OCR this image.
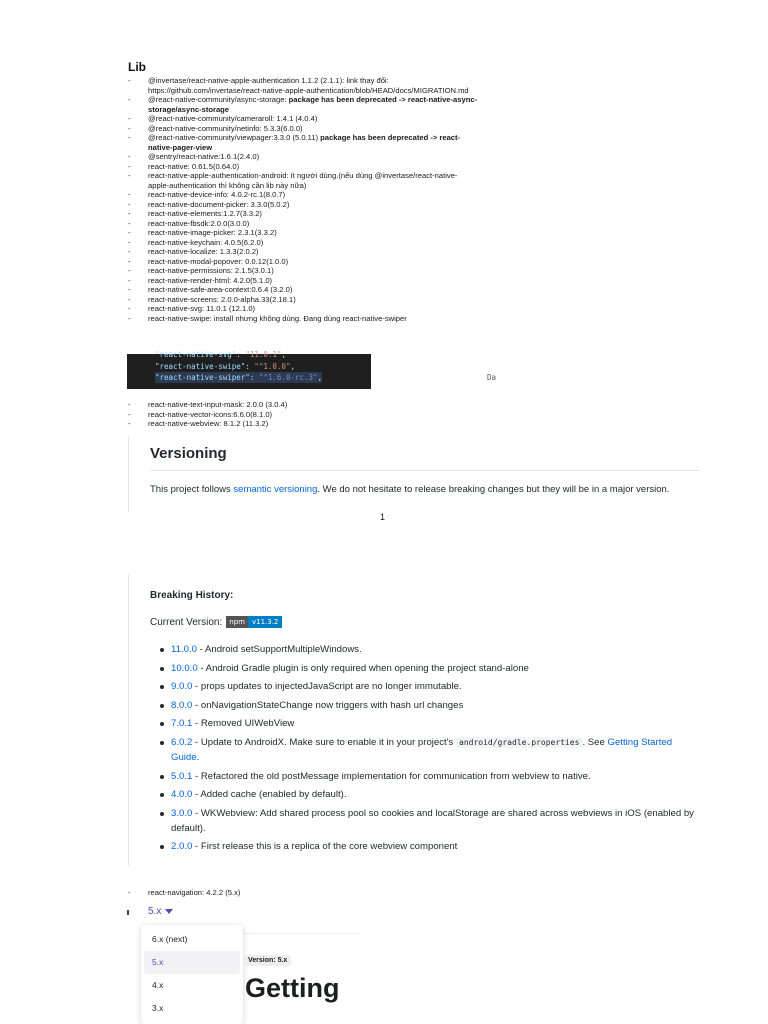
Lib
- @invertase/react-native-apple-authentication 1.1.2 (2.1.1): link thay đổi: https://github.com/invertase/react-native-apple-authentication/blob/HEAD/docs/MIGRATION.md
- @react-native-community/async-storage: package has been deprecated -> react-native-async-storage/async-storage
- @react-native-community/cameraroll: 1.4.1 (4.0.4)
- @react-native-community/netinfo: 5.3.3(6.0.0)
- @react-native-community/viewpager:3.3.0 (5.0.11) package has been deprecated -> react-native-pager-view
- @sentry/react-native:1.6.1(2.4.0)
- react-native: 0.61.5(0.64.0)
- react-native-apple-authentication-android: ít người dùng.(nếu dùng @invertase/react-native-apple-authentication thì không cần lib này nữa)
- react-native-device-info: 4.0.2-rc.1(8.0.7)
- react-native-document-picker: 3.3.0(5.0.2)
- react-native-elements:1.2.7(3.3.2)
- react-native-fbsdk:2.0.0(3.0.0)
- react-native-image-picker: 2.3.1(3.3.2)
- react-native-keychain: 4.0.5(6.2.0)
- react-native-localize: 1.3.3(2.0.2)
- react-native-modal-popover: 0.0.12(1.0.0)
- react-native-permissions: 2.1.5(3.0.1)
- react-native-render-html: 4.2.0(5.1.0)
- react-native-safe-area-context:0.6.4 (3.2.0)
- react-native-screens: 2.0.0-alpha.33(2.18.1)
- react-native-svg: 11.0.1 (12.1.0)
- react-native-swipe: install nhưng không dùng. Đang dùng react-native-swiper
"react-native-svg": "11.0.1",
"react-native-swipe": "^1.0.0",
"react-native-swiper": "^1.6.0-rc.3",	Da
- react-native-text-input-mask: 2.0.0 (3.0.4)
- react-native-vector-icons:6.6.0(8.1.0)
- react-native-webview: 8.1.2 (11.3.2)
Versioning
This project follows semantic versioning. We do not hesitate to release breaking changes but they will be in a major version.
1
Breaking History:
Current Version:	npm	v11.3.2
11.0.0 - Android setSupportMultipleWindows.
10.0.0 - Android Gradle plugin is only required when opening the project stand-alone
9.0.0 - props updates to injectedJavaScript are no longer immutable.
8.0.0 - onNavigationStateChange now triggers with hash url changes
7.0.1 - Removed UIWebView
6.0.2 - Update to AndroidX. Make sure to enable it in your project's android/gradle.properties . See Getting Started Guide.
5.0.1 - Refactored the old postMessage implementation for communication from webview to native.
4.0.0 - Added cache (enabled by default).
3.0.0 - WKWebview: Add shared process pool so cookies and localStorage are shared across webviews in iOS (enabled by default).
2.0.0 - First release this is a replica of the core webview component
- react-navigation: 4.2.2 (5.x)
5.x
6.x (next)
5.x
4.x
3.x
Version: 5.x
Getting
